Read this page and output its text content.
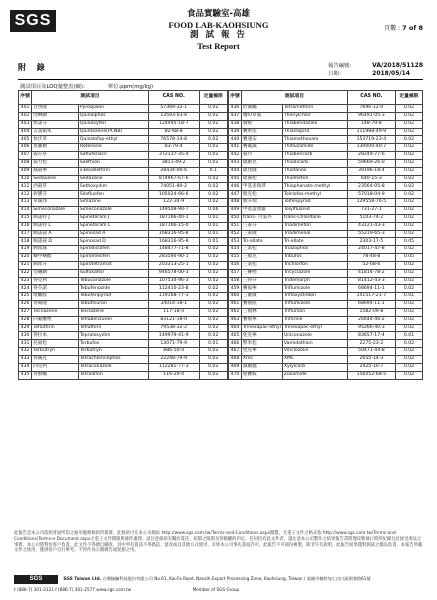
SGS	食品實驗室-高雄
FOOD LAB-KAOHSIUNG
測 試 報 告
Test Report
頁數 : 7 of 8
報告編號：	VA/2018/51128
日期：	2018/05/14
附 錄
測試項目及LOQ彙整表(續)：	單位:ppm(mg/kg)
序號	測試項目		CAS NO.	定量極限
401	百快隆	Pyroquilon	57369-32-1	0.02
402	喹啉銅	Quinalphos	13593-03-8	0.02
403	快諾芬	Quinoxyfen	124495-18-7	0.02
404	五氯硝苯	Quintozene(PCNB)	82-68-8	0.02
405	快伏草	Quizalofop-ethyl	76578-14-8	0.02
406	魚藤精	Rotenone	83-79-4	0.02
407	殺芬草	Saflufenacil	372137-35-4	0.02
408	殺力松	Salithion	3811-49-2	0.02
409	滅殺寧	s-Bioallethrin	28434-00-6	0.1
410	Sedaxane	Sedaxane	874967-67-6	0.02
411	西殺草	Sethoxydim	74051-80-2	0.02
412	矽護芬	Silafluofen	105024-66-6	0.02
413	草滅淨	Simazine	122-34-9	0.02
414	Simeconazole	Simeconazole	149508-90-7	0.06
415	賜諾特 J	Spinetoram J	187166-40-1	0.01
416	賜諾特 L	Spinetoram L	187166-15-0	0.01
417	賜諾殺 A	Spinosad A	168316-95-8	0.01
418	賜諾殺 D	Spinosad D	168316-95-8	0.01
419	賜派滅	Spirodiclofen	148477-71-8	0.02
420	螺甲螨酯	Spiromesifen	283594-90-1	0.02
421	賜派芬	Spirotetramat	203313-25-1	0.02
422	亞碸磷	Sulfoxaflor	946578-00-3	0.02
423	得克利	Tebuconazole	107534-96-3	0.02
424	得芬諾	Tebufenozide	112410-23-8	0.02
425	吡蟎胺	Tebufenpyrad	119168-77-3	0.02
426	得匍隆	Tebuthiuron	34014-18-1	0.02
427	Tecnazene	Tecnazene	117-18-0	0.02
428	四氟醚唑	Teflubenzuron	83121-18-0	0.02
429	Tefluthrin	Tefluthrin	79538-32-2	0.02
430	得拉本	Tepraloxydim	149979-41-9	0.02
431	托福松	Terbufos	13071-79-9	0.01
432	Terbutryn	Terbutryn	886-50-0	0.02
433	得滅克	Tetrachlorvinphos	22248-79-9	0.02
434	四克利	Tetraconazole	112281-77-3	0.02
435	得脫蟎	Tetradifon	116-29-0	0.02
序號	測試項目		CAS NO.	定量極限
436	治滅蟎	Tetramethrin	7696-12-0	0.02
437	噻吩草胺	Thenylchlor	96491-05-3	0.02
438	腐絕	Thiabendazole	148-79-8	0.02
439	賽果培	Thiacloprid	111988-49-9	0.02
440	賽速安	Thiamethoxam	153719-23-4	0.02
441	賽氟滅	Thifluzamide	130000-40-7	0.02
442	殺丹	Thiobencarb	28249-77-6	0.02
443	硫敵克	Thiodicarb	59669-26-0	0.02
444	硫伐隆	Thiofanox	39196-18-4	0.02
445	硫滅松	Thiometon	640-15-3	0.02
446	甲基多保淨	Thiophanate-methyl	23564-05-8	0.02
447	脫克松	Tolclofos-methyl	57018-04-9	0.02
448	脫芬瑞	Tolfenpyrad	129558-76-5	0.02
449	甲基益發靈	Tolylfluanid	731-27-1	0.02
450	trans- 可氯丹	trans-Chlordane	5103-74-2	0.02
451	三泰芬	Triadimefon	43121-43-3	0.02
452	三泰隆	Triadimenol	55219-65-3	0.02
453	Tri-allate	Tri-allate	2303-17-5	0.05
454	三落松	Triazophos	24017-47-8	0.02
455	三福克	Tribufos	78-48-8	0.05
456	三氯松	Trichlorfon	52-68-6	0.02
457	三賽唑	Tricyclazole	41814-78-2	0.02
458	三得芬	Tridemorph	81412-43-3	0.02
459	賽福寧	Triflumizole	68694-11-1	0.02
460	三氟敏	Trifloxystrobin	141517-21-7	0.01
461	賽福座	Triflumizole	68694-11-1	0.02
462	三福林	Trifluralin	1582-09-8	0.02
463	賽福寧	Triforine	26644-46-2	0.02
464	Trinexapac-ethyl	Trinexapac-ethyl	95266-40-3	0.02
465	免克寧	Uniconazole	83657-17-4	0.01
466	繁米松	Vamidothion	2275-23-2	0.02
467	免克寧	Vinclozolin	50471-44-8	0.02
468	Xmc	XMC	2655-14-3	0.02
469	滅爾蟲	Xylylcarb	2425-10-7	0.02
470	座賽胺	Zoxamide	156052-68-5	0.02
此報告是本公司依照背面所印之通用服務條款所簽發，此條款可在本公司網站 http://www.sgs.com.tw/Terms-and-Conditions.aspx閱覽，凡電子文件之格式依 http://www.sgs.com.tw/Terms-and-Conditions/Terms-e-Document.aspx之電子文件期限與條件處理。請注意條款有關於責任、賠償之限制及管轄權的約定。任何持有此文件者，請注意本公司製作之結果報告書將僅反映執行時所紀錄且於接受委託之事實，本公司將對於客戶負責，此文件不得擅自刪改，其中所有資訊不得偽造、竄改或以其他方式使用，未經本公司事先書面許可，此報告不可部份複製。除非另有說明，此報告結果僅對測試之樣品負責，本報告所載文件之使用，僅供客戶自行參考，不得作為公開廣告或促銷之用。
SGS	SGS Taiwan Ltd. 台灣檢驗科技股份有限公司 No.61, Kai-Fa Road, Nanzih Export Processing Zone, Kaohsiung, Taiwan / 高雄市楠梓加工出口區開發路61號
t (886-7) 301-2121 f (886-7) 301-2577 www.sgs.com.tw	Member of SGS Group
